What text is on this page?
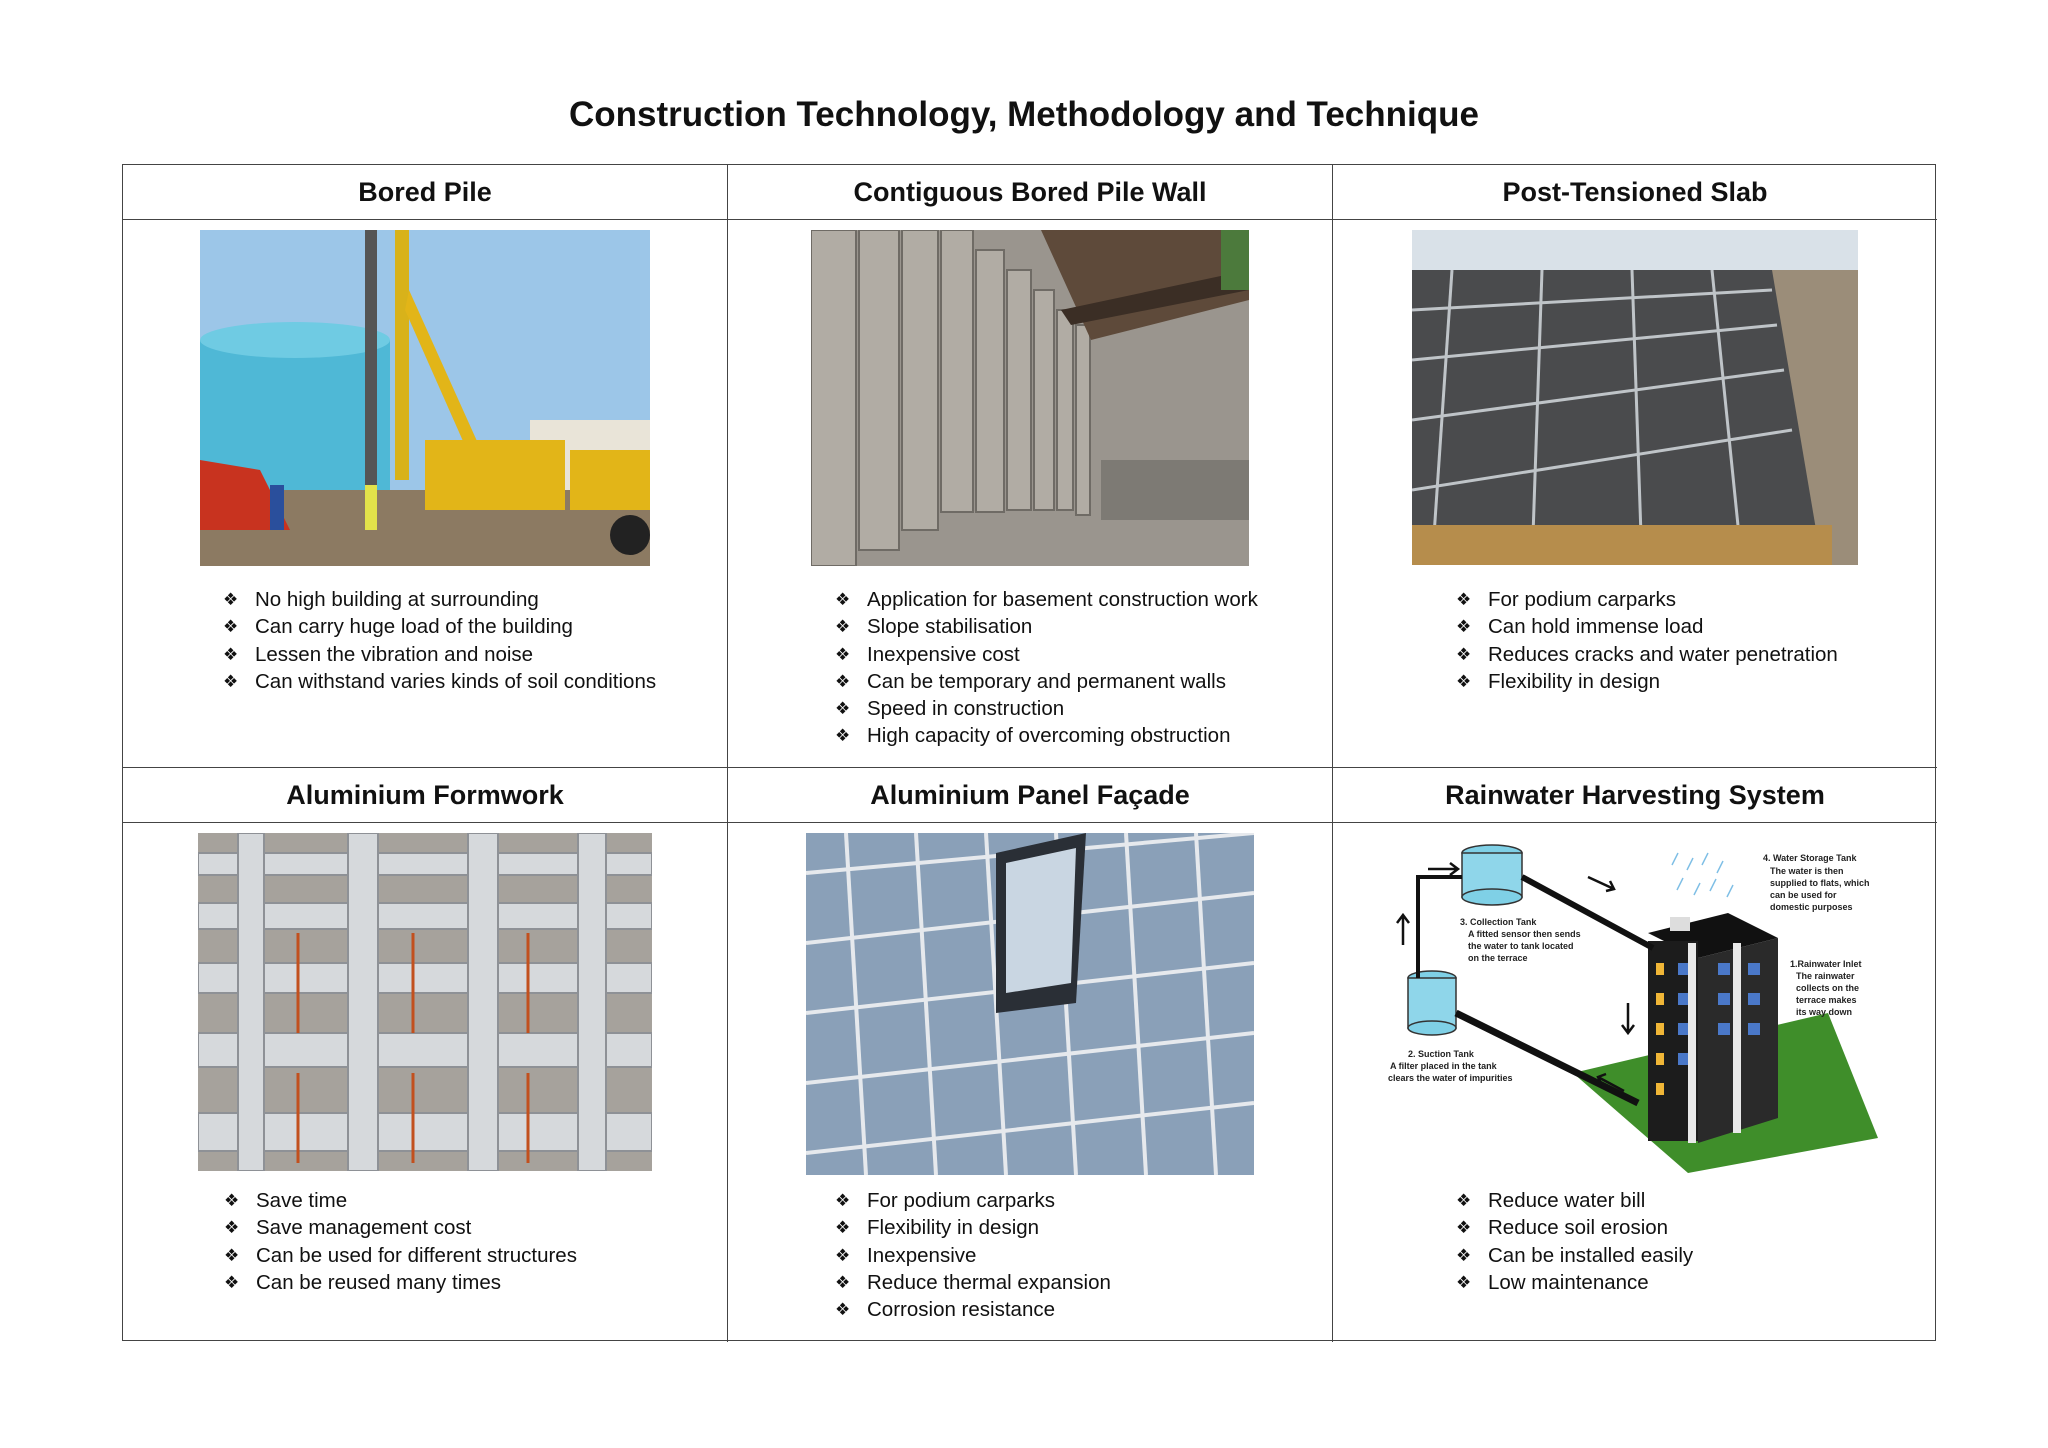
Construction Technology, Methodology and Technique
Bored Pile	Contiguous Bored Pile Wall	Post-Tensioned Slab
❖ No high building at surrounding
❖ Can carry huge load of the building
❖ Lessen the vibration and noise
❖ Can withstand varies kinds of soil conditions
❖ Application for basement construction work
❖ Slope stabilisation
❖ Inexpensive cost
❖ Can be temporary and permanent walls
❖ Speed in construction
❖ High capacity of overcoming obstruction
❖ For podium carparks
❖ Can hold immense load
❖ Reduces cracks and water penetration
❖ Flexibility in design
Aluminium Formwork	Aluminium Panel Façade	Rainwater Harvesting System
❖ Save time
❖ Save management cost
❖ Can be used for different structures
❖ Can be reused many times
❖ For podium carparks
❖ Flexibility in design
❖ Inexpensive
❖ Reduce thermal expansion
❖ Corrosion resistance
4. Water Storage Tank
The water is then
supplied to flats, which
can be used for
domestic purposes
3. Collection Tank
A fitted sensor then sends
the water to tank located
on the terrace
1.Rainwater Inlet
The rainwater
collects on the
terrace makes
its way down
2. Suction Tank
A filter placed in the tank
clears the water of impurities
❖ Reduce water bill
❖ Reduce soil erosion
❖ Can be installed easily
❖ Low maintenance
